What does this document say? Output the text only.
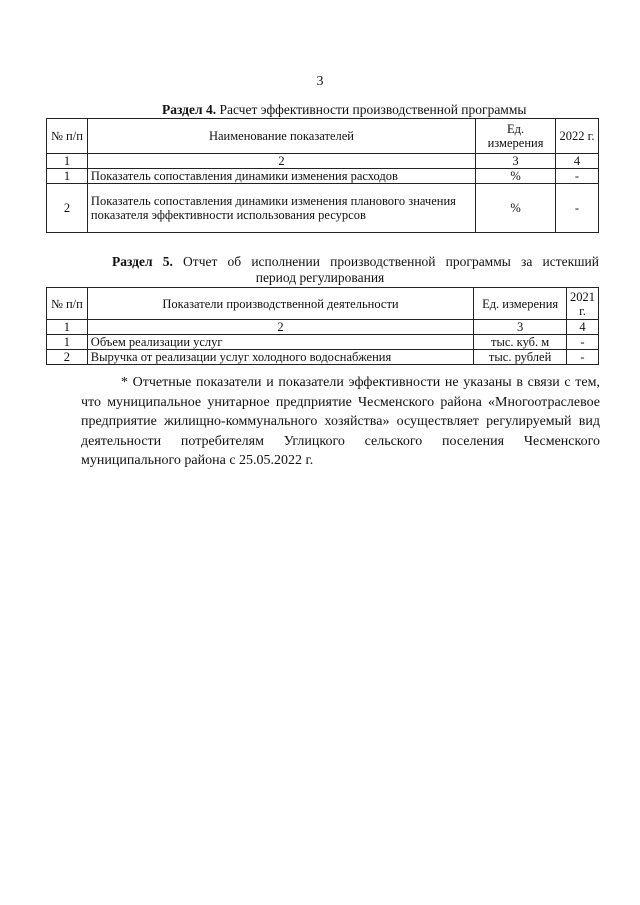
3
Раздел 4. Расчет эффективности производственной программы
№ п/п	Наименование показателей	Ед. измерения	2022 г.
1	2	3	4
1	Показатель сопоставления динамики изменения расходов	%	-
2	Показатель сопоставления динамики изменения планового значения показателя эффективности использования ресурсов	%	-
Раздел 5. Отчет об исполнении производственной программы за истекший
период регулирования
№ п/п	Показатели производственной деятельности	Ед. измерения	2021 г.
1	2	3	4
1	Объем реализации услуг	тыс. куб. м	-
2	Выручка от реализации услуг холодного водоснабжения	тыс. рублей	-
* Отчетные показатели и показатели эффективности не указаны в связи с тем, что муниципальное унитарное предприятие Чесменского района «Многоотраслевое предприятие жилищно-коммунального хозяйства» осуществляет регулируемый вид деятельности потребителям Углицкого сельского поселения Чесменского муниципального района с 25.05.2022 г.
